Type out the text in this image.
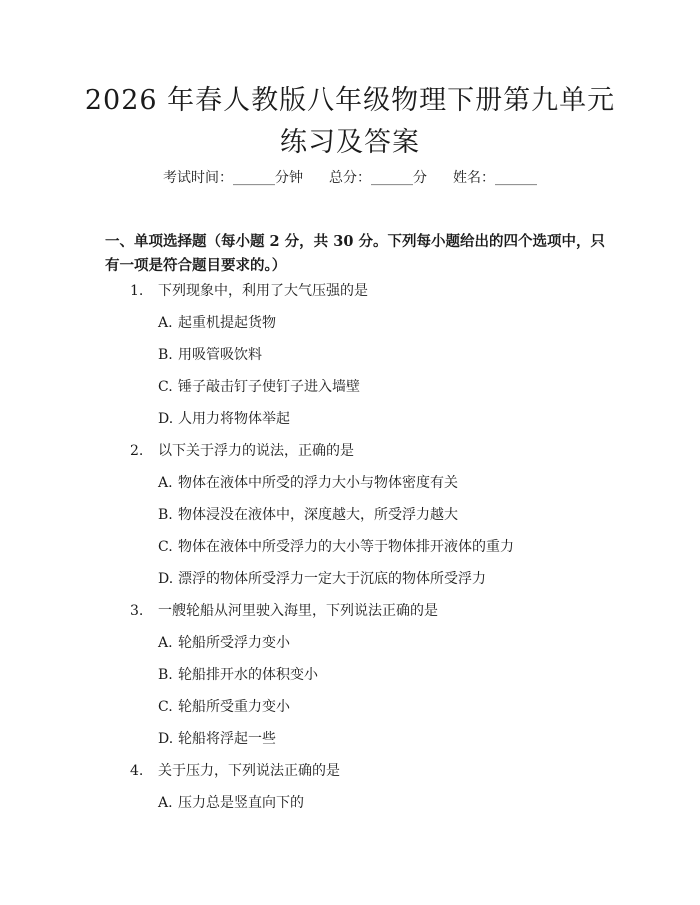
2026 年春人教版八年级物理下册第九单元练习及答案
考试时间：______分钟 总分：______分 姓名：______

一、单项选择题（每小题 2 分，共 30 分。下列每小题给出的四个选项中，只有一项是符合题目要求的。）

1. 下列现象中，利用了大气压强的是
A. 起重机提起货物
B. 用吸管吸饮料
C. 锤子敲击钉子使钉子进入墙壁
D. 人用力将物体举起
2. 以下关于浮力的说法，正确的是
A. 物体在液体中所受的浮力大小与物体密度有关
B. 物体浸没在液体中，深度越大，所受浮力越大
C. 物体在液体中所受浮力的大小等于物体排开液体的重力
D. 漂浮的物体所受浮力一定大于沉底的物体所受浮力
3. 一艘轮船从河里驶入海里，下列说法正确的是
A. 轮船所受浮力变小
B. 轮船排开水的体积变小
C. 轮船所受重力变小
D. 轮船将浮起一些
4. 关于压力，下列说法正确的是
A. 压力总是竖直向下的
